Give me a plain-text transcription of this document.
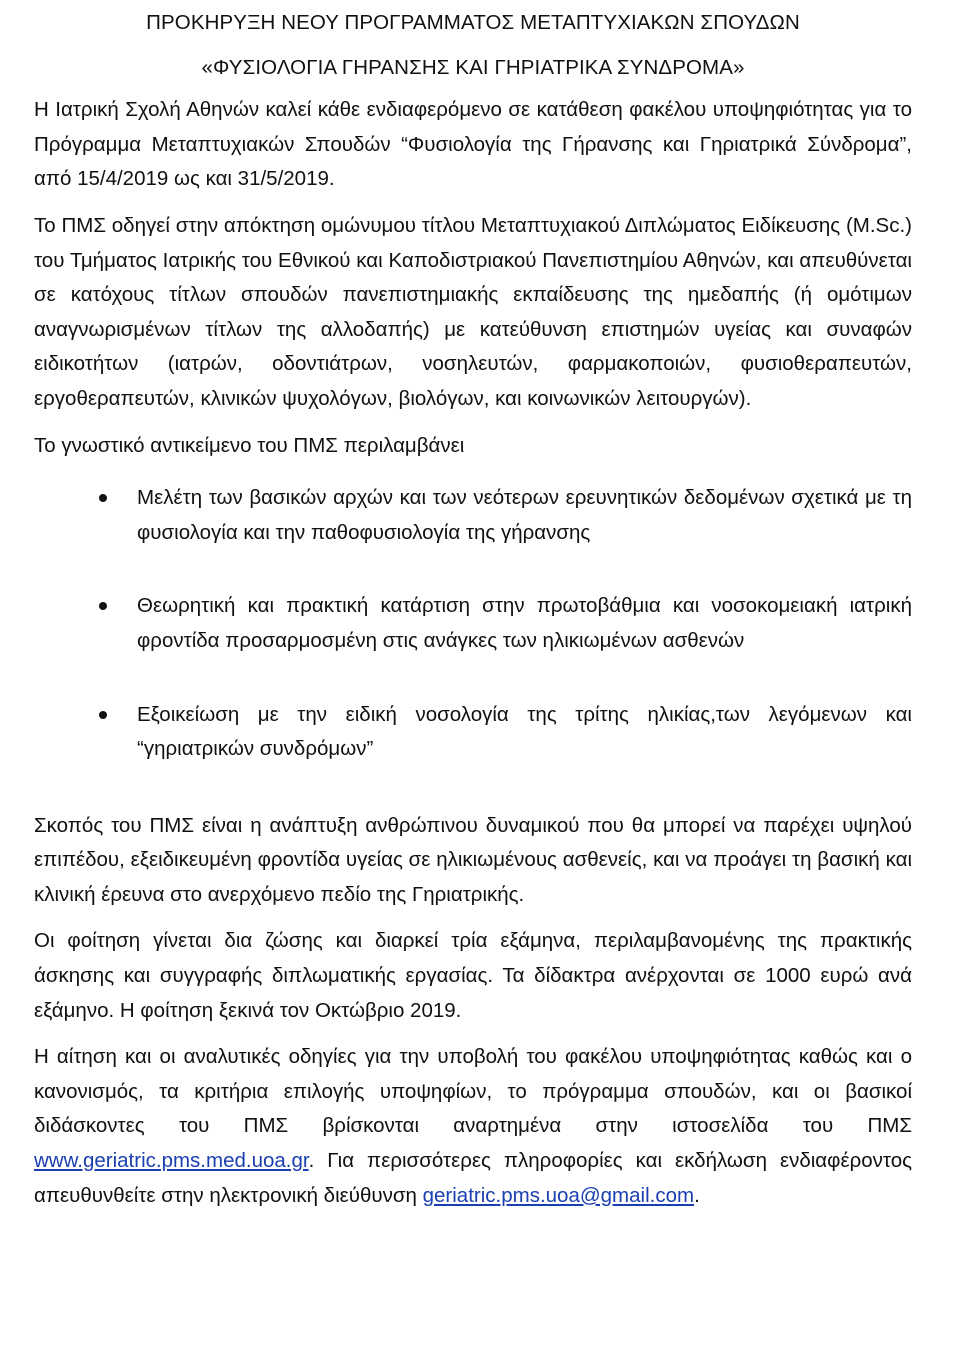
ΠΡΟΚΗΡΥΞΗ ΝΕΟΥ ΠΡΟΓΡΑΜΜΑΤΟΣ ΜΕΤΑΠΤΥΧΙΑΚΩΝ ΣΠΟΥΔΩΝ
«ΦΥΣΙΟΛΟΓΙΑ ΓΗΡΑΝΣΗΣ ΚΑΙ ΓΗΡΙΑΤΡΙΚΑ ΣΥΝΔΡΟΜΑ»

Η Ιατρική Σχολή Αθηνών καλεί κάθε ενδιαφερόμενο σε κατάθεση φακέλου υποψηφιότητας για το Πρόγραμμα Μεταπτυχιακών Σπουδών “Φυσιολογία της Γήρανσης και Γηριατρικά Σύνδρομα”, από 15/4/2019 ως και 31/5/2019.

Το ΠΜΣ οδηγεί στην απόκτηση ομώνυμου τίτλου Μεταπτυχιακού Διπλώματος Ειδίκευσης (M.Sc.) του Τμήματος Ιατρικής του Εθνικού και Καποδιστριακού Πανεπιστημίου Αθηνών, και απευθύνεται σε κατόχους τίτλων σπουδών πανεπιστημιακής εκπαίδευσης της ημεδαπής (ή ομότιμων αναγνωρισμένων τίτλων της αλλοδαπής) με κατεύθυνση επιστημών υγείας και συναφών ειδικοτήτων (ιατρών, οδοντιάτρων, νοσηλευτών, φαρμακοποιών, φυσιοθεραπευτών, εργοθεραπευτών, κλινικών ψυχολόγων, βιολόγων, και κοινωνικών λειτουργών).

Το γνωστικό αντικείμενο του ΠΜΣ περιλαμβάνει

Μελέτη των βασικών αρχών και των νεότερων ερευνητικών δεδομένων σχετικά με τη φυσιολογία και την παθοφυσιολογία της γήρανσης
Θεωρητική και πρακτική κατάρτιση στην πρωτοβάθμια και νοσοκομειακή ιατρική φροντίδα προσαρμοσμένη στις ανάγκες των ηλικιωμένων ασθενών
Εξοικείωση με την ειδική νοσολογία της τρίτης ηλικίας,των λεγόμενων και “γηριατρικών συνδρόμων”

Σκοπός του ΠΜΣ είναι η ανάπτυξη ανθρώπινου δυναμικού που θα μπορεί να παρέχει υψηλού επιπέδου, εξειδικευμένη φροντίδα υγείας σε ηλικιωμένους ασθενείς, και να προάγει τη βασική και κλινική έρευνα στο ανερχόμενο πεδίο της Γηριατρικής.

Οι φοίτηση γίνεται δια ζώσης και διαρκεί τρία εξάμηνα, περιλαμβανομένης της πρακτικής άσκησης και συγγραφής διπλωματικής εργασίας. Τα δίδακτρα ανέρχονται σε 1000 ευρώ ανά εξάμηνο. Η φοίτηση ξεκινά τον Οκτώβριο 2019.

Η αίτηση και οι αναλυτικές οδηγίες για την υποβολή του φακέλου υποψηφιότητας καθώς και ο κανονισμός, τα κριτήρια επιλογής υποψηφίων, το πρόγραμμα σπουδών, και οι βασικοί διδάσκοντες του ΠΜΣ βρίσκονται αναρτημένα στην ιστοσελίδα του ΠΜΣ www.geriatric.pms.med.uoa.gr. Για περισσότερες πληροφορίες και εκδήλωση ενδιαφέροντος απευθυνθείτε στην ηλεκτρονική διεύθυνση geriatric.pms.uoa@gmail.com.
